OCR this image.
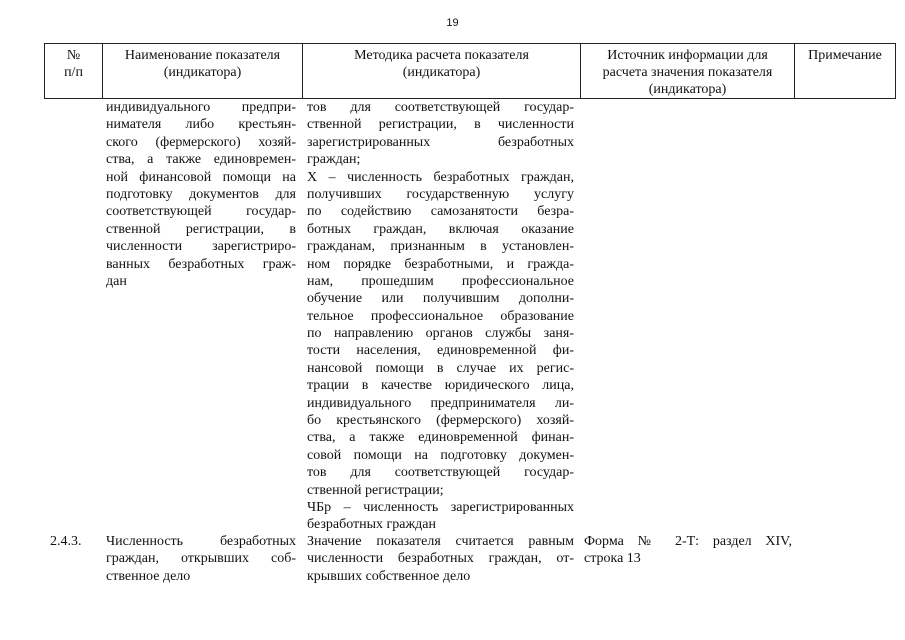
19
№
п/п
Наименование показателя
(индикатора)
Методика расчета показателя
(индикатора)
Источник информации для
расчета значения показателя
(индикатора)
Примечание
индивидуального предпри-
нимателя либо крестьян-
ского (фермерского) хозяй-
ства, а также единовремен-
ной финансовой помощи на
подготовку документов для
соответствующей государ-
ственной регистрации, в
численности зарегистриро-
ванных безработных граж-
дан
тов для соответствующей государ-
ственной регистрации, в численности
зарегистрированных безработных
граждан;
X – численность безработных граждан,
получивших государственную услугу
по содействию самозанятости безра-
ботных граждан, включая оказание
гражданам, признанным в установлен-
ном порядке безработными, и гражда-
нам, прошедшим профессиональное
обучение или получившим дополни-
тельное профессиональное образование
по направлению органов службы заня-
тости населения, единовременной фи-
нансовой помощи в случае их регис-
трации в качестве юридического лица,
индивидуального предпринимателя ли-
бо крестьянского (фермерского) хозяй-
ства, а также единовременной финан-
совой помощи на подготовку докумен-
тов для соответствующей государ-
ственной регистрации;
ЧБр – численность зарегистрированных
безработных граждан
2.4.3.	Численность безработных
граждан, открывших соб-
ственное дело
Значение показателя считается равным
численности безработных граждан, от-
крывших собственное дело
Форма № 2-Т: раздел XIV,
строка 13
